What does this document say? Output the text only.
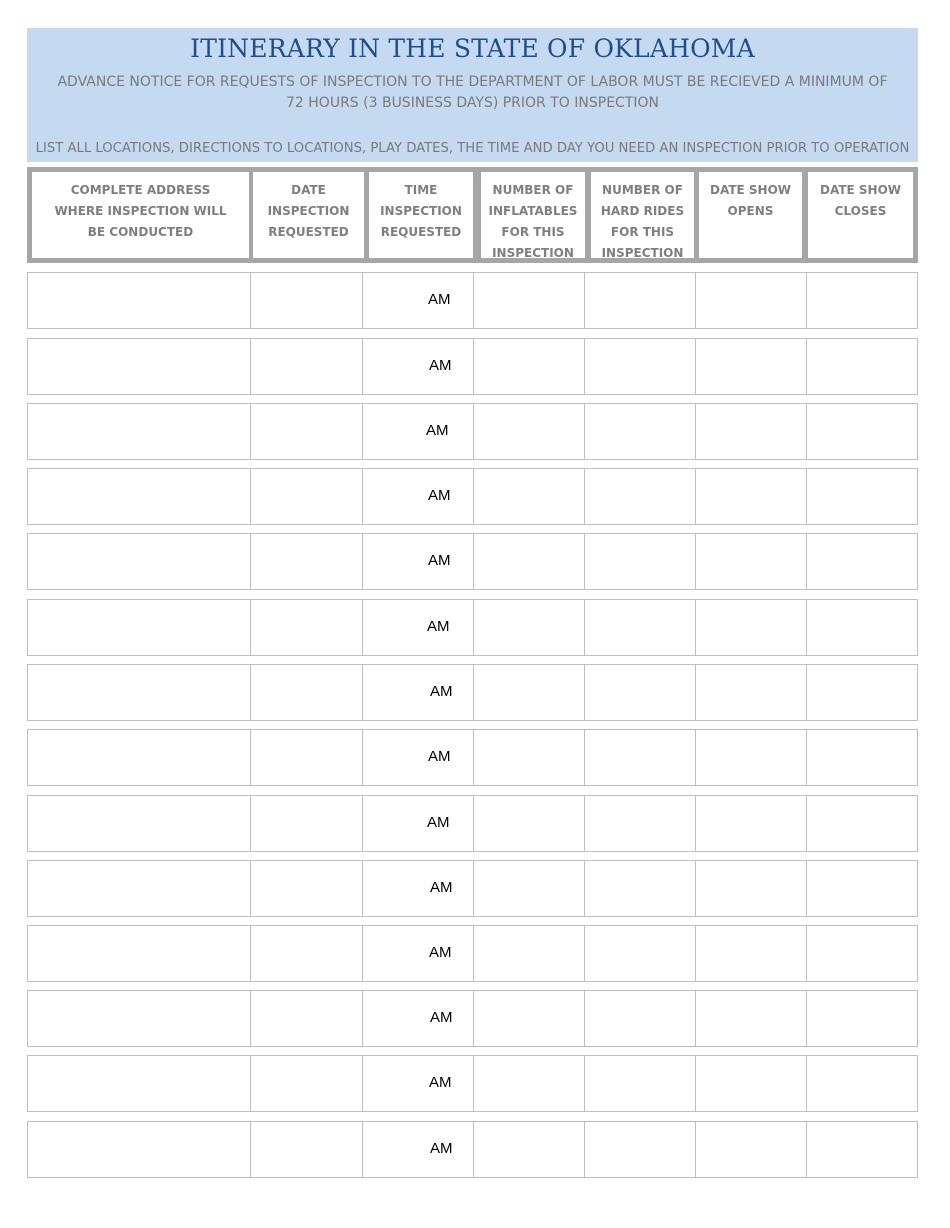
ITINERARY IN THE STATE OF OKLAHOMA
ADVANCE NOTICE FOR REQUESTS OF INSPECTION TO THE DEPARTMENT OF LABOR MUST BE RECIEVED A MINIMUM OF 72 HOURS (3 BUSINESS DAYS) PRIOR TO INSPECTION
LIST ALL LOCATIONS, DIRECTIONS TO LOCATIONS, PLAY DATES, THE TIME AND DAY YOU NEED AN INSPECTION PRIOR TO OPERATION
COMPLETE ADDRESS
WHERE INSPECTION WILL
BE CONDUCTED
DATE
INSPECTION
REQUESTED
TIME
INSPECTION
REQUESTED
NUMBER OF
INFLATABLES
FOR THIS
INSPECTION
NUMBER OF
HARD RIDES
FOR THIS
INSPECTION
DATE SHOW
OPENS
DATE SHOW
CLOSES
AM
AM
AM
AM
AM
AM
AM
AM
AM
AM
AM
AM
AM
AM
